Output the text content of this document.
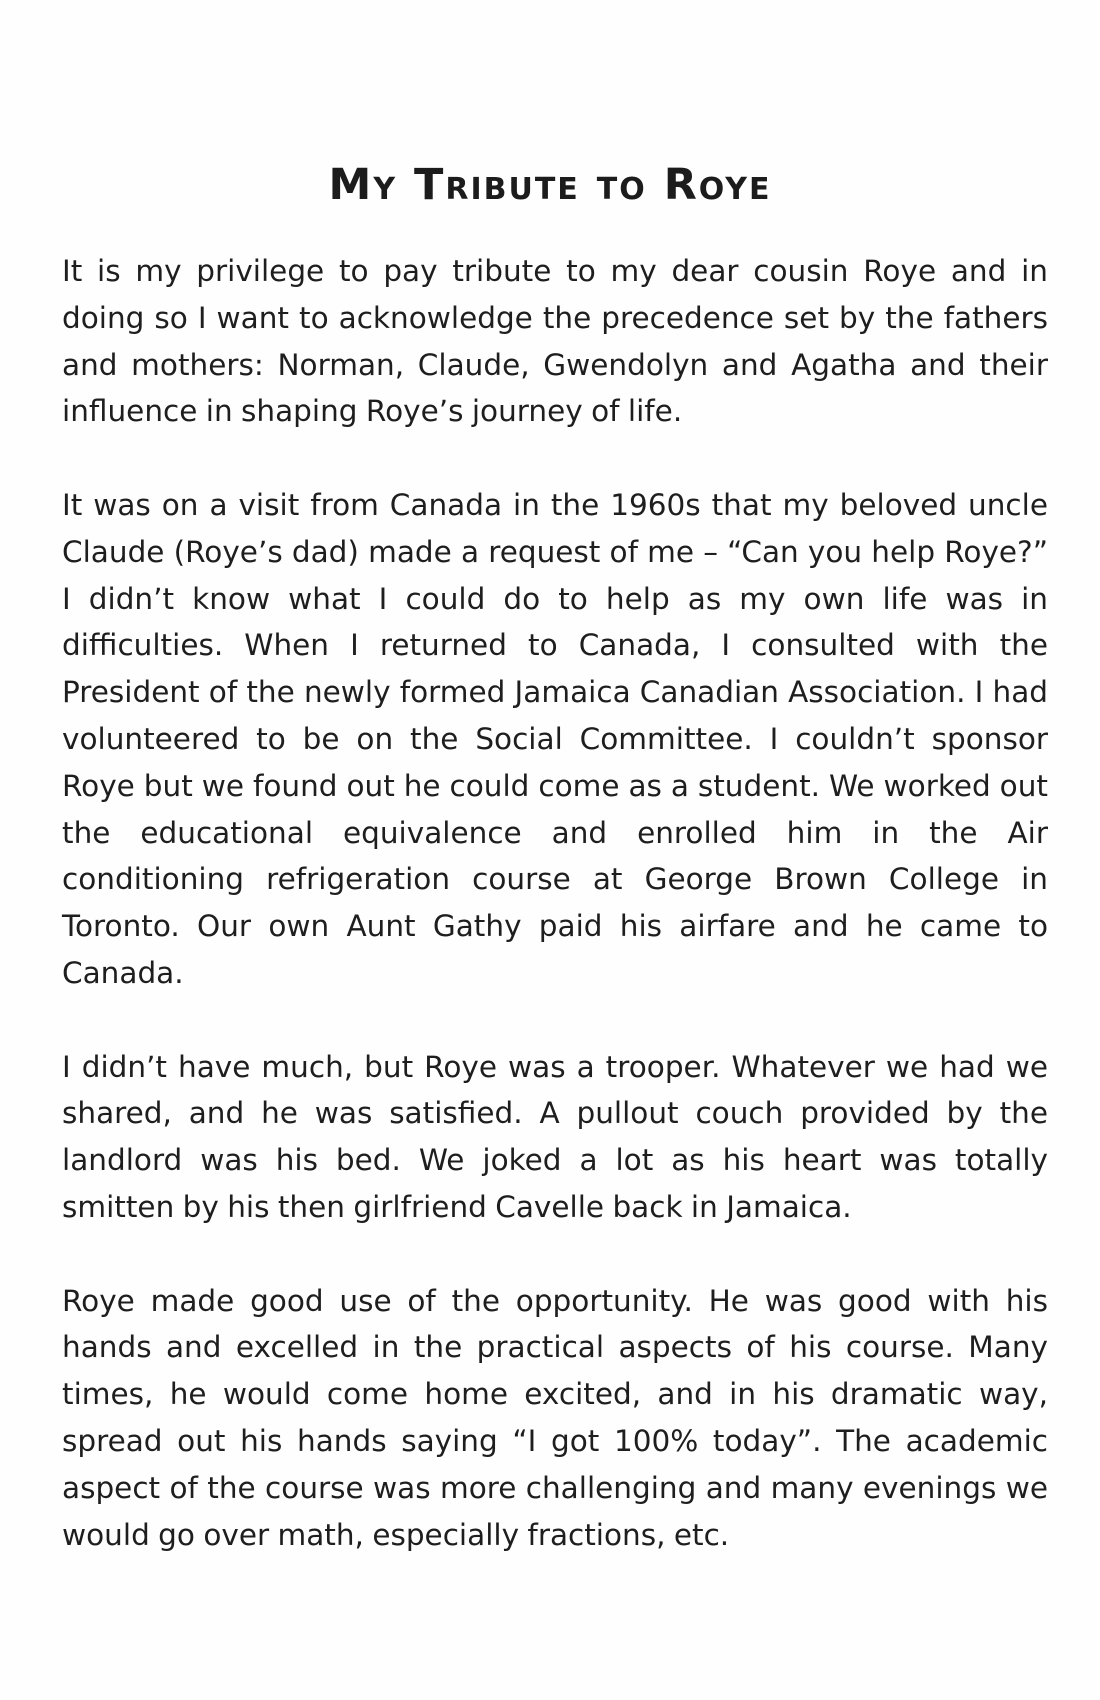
My Tribute to Roye

It is my privilege to pay tribute to my dear cousin Roye and in doing so I want to acknowledge the precedence set by the fathers and mothers: Norman, Claude, Gwendolyn and Agatha and their influence in shaping Roye’s journey of life.

It was on a visit from Canada in the 1960s that my beloved uncle Claude (Roye’s dad) made a request of me – “Can you help Roye?” I didn’t know what I could do to help as my own life was in difficulties. When I returned to Canada, I consulted with the President of the newly formed Jamaica Canadian Association. I had volunteered to be on the Social Committee. I couldn’t sponsor Roye but we found out he could come as a student. We worked out the educational equivalence and enrolled him in the Air conditioning refrigeration course at George Brown College in Toronto. Our own Aunt Gathy paid his airfare and he came to Canada.

I didn’t have much, but Roye was a trooper. Whatever we had we shared, and he was satisfied. A pullout couch provided by the landlord was his bed. We joked a lot as his heart was totally smitten by his then girlfriend Cavelle back in Jamaica.

Roye made good use of the opportunity. He was good with his hands and excelled in the practical aspects of his course. Many times, he would come home excited, and in his dramatic way, spread out his hands saying “I got 100% today”. The academic aspect of the course was more challenging and many evenings we would go over math, especially fractions, etc.
